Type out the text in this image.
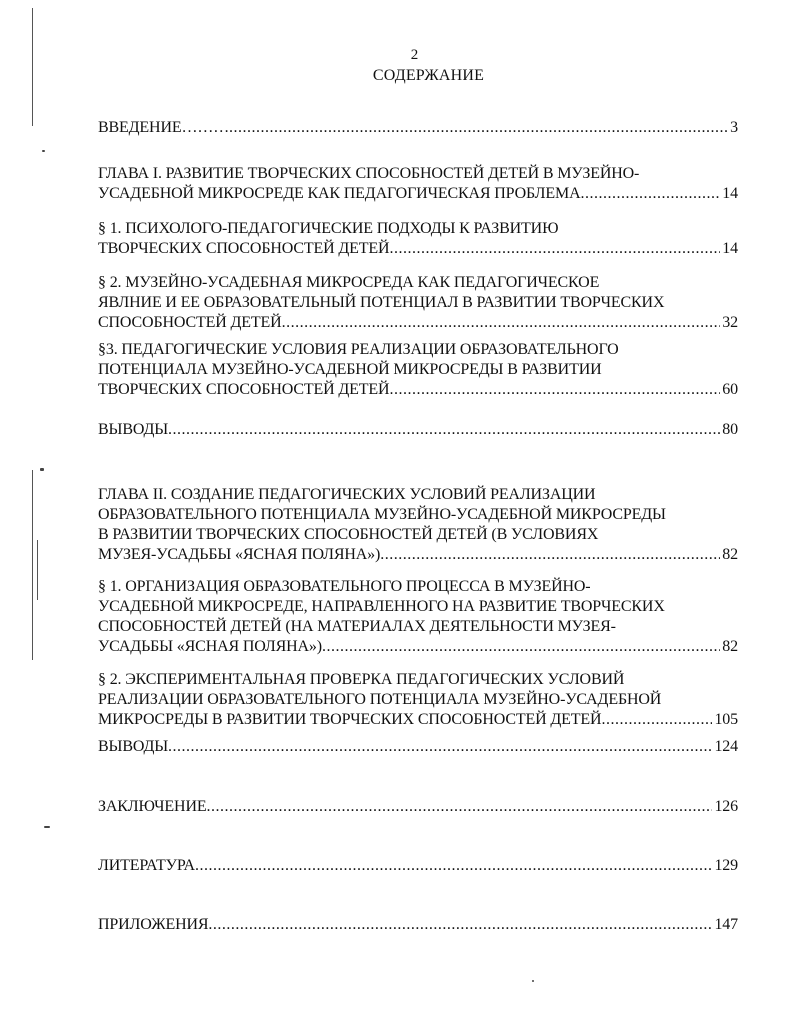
2
СОДЕРЖАНИЕ
ВВЕДЕНИЕ……… .....	3
ГЛАВА I. РАЗВИТИЕ ТВОРЧЕСКИХ СПОСОБНОСТЕЙ ДЕТЕЙ В МУЗЕЙНО-
УСАДЕБНОЙ МИКРОСРЕДЕ КАК ПЕДАГОГИЧЕСКАЯ ПРОБЛЕМА .....	14
§ 1. ПСИХОЛОГО-ПЕДАГОГИЧЕСКИЕ ПОДХОДЫ К РАЗВИТИЮ
ТВОРЧЕСКИХ СПОСОБНОСТЕЙ ДЕТЕЙ .....	14
§ 2. МУЗЕЙНО-УСАДЕБНАЯ МИКРОСРЕДА КАК ПЕДАГОГИЧЕСКОЕ
ЯВЛНИЕ И ЕЕ ОБРАЗОВАТЕЛЬНЫЙ ПОТЕНЦИАЛ В РАЗВИТИИ ТВОРЧЕСКИХ
СПОСОБНОСТЕЙ ДЕТЕЙ .....	32
§3. ПЕДАГОГИЧЕСКИЕ УСЛОВИЯ РЕАЛИЗАЦИИ ОБРАЗОВАТЕЛЬНОГО
ПОТЕНЦИАЛА МУЗЕЙНО-УСАДЕБНОЙ МИКРОСРЕДЫ В РАЗВИТИИ
ТВОРЧЕСКИХ СПОСОБНОСТЕЙ ДЕТЕЙ .....	60
ВЫВОДЫ .....	80
ГЛАВА II. СОЗДАНИЕ ПЕДАГОГИЧЕСКИХ УСЛОВИЙ РЕАЛИЗАЦИИ
ОБРАЗОВАТЕЛЬНОГО ПОТЕНЦИАЛА МУЗЕЙНО-УСАДЕБНОЙ МИКРОСРЕДЫ
В РАЗВИТИИ ТВОРЧЕСКИХ СПОСОБНОСТЕЙ ДЕТЕЙ (В УСЛОВИЯХ
МУЗЕЯ-УСАДЬБЫ «ЯСНАЯ ПОЛЯНА») .....	82
§ 1. ОРГАНИЗАЦИЯ ОБРАЗОВАТЕЛЬНОГО ПРОЦЕССА В МУЗЕЙНО-
УСАДЕБНОЙ МИКРОСРЕДЕ, НАПРАВЛЕННОГО НА РАЗВИТИЕ ТВОРЧЕСКИХ
СПОСОБНОСТЕЙ ДЕТЕЙ (НА МАТЕРИАЛАХ ДЕЯТЕЛЬНОСТИ МУЗЕЯ-
УСАДЬБЫ «ЯСНАЯ ПОЛЯНА») .....	82
§ 2. ЭКСПЕРИМЕНТАЛЬНАЯ ПРОВЕРКА ПЕДАГОГИЧЕСКИХ УСЛОВИЙ
РЕАЛИЗАЦИИ ОБРАЗОВАТЕЛЬНОГО ПОТЕНЦИАЛА МУЗЕЙНО-УСАДЕБНОЙ
МИКРОСРЕДЫ В РАЗВИТИИ ТВОРЧЕСКИХ СПОСОБНОСТЕЙ ДЕТЕЙ .....	105
ВЫВОДЫ .....	124
ЗАКЛЮЧЕНИЕ .....	126
ЛИТЕРАТУРА .....	129
ПРИЛОЖЕНИЯ .....	147
